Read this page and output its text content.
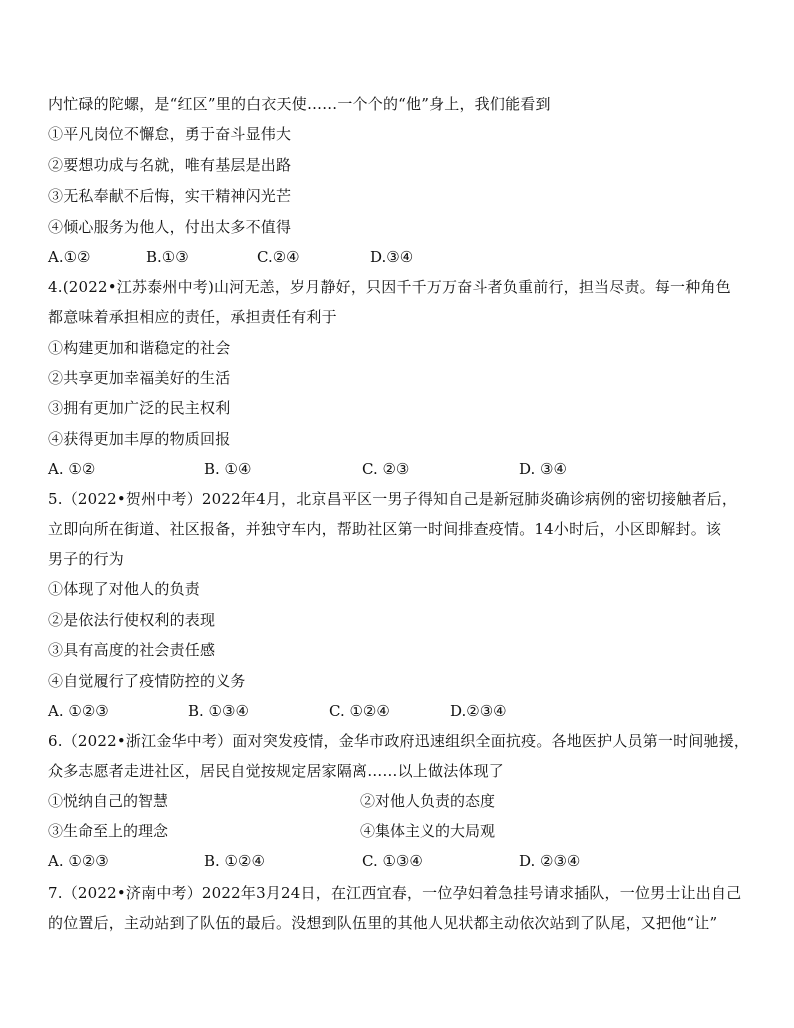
内忙碌的陀螺，是“红区”里的白衣天使……一个个的“他”身上，我们能看到
①平凡岗位不懈怠，勇于奋斗显伟大
②要想功成与名就，唯有基层是出路
③无私奉献不后悔，实干精神闪光芒
④倾心服务为他人，付出太多不值得
A.①②	B.①③	C.②④	D.③④
4.(2022•江苏泰州中考)山河无恙，岁月静好，只因千千万万奋斗者负重前行，担当尽责。每一种角色
都意味着承担相应的责任，承担责任有利于
①构建更加和谐稳定的社会
②共享更加幸福美好的生活
③拥有更加广泛的民主权利
④获得更加丰厚的物质回报
A. ①②	B. ①④	C. ②③	D. ③④
5.（2022•贺州中考）2022年4月，北京昌平区一男子得知自己是新冠肺炎确诊病例的密切接触者后，
立即向所在街道、社区报备，并独守车内，帮助社区第一时间排查疫情。14小时后，小区即解封。该
男子的行为
①体现了对他人的负责
②是依法行使权利的表现
③具有高度的社会责任感
④自觉履行了疫情防控的义务
A. ①②③	B. ①③④	C. ①②④	D.②③④
6.（2022•浙江金华中考）面对突发疫情，金华市政府迅速组织全面抗疫。各地医护人员第一时间驰援，
众多志愿者走进社区，居民自觉按规定居家隔离……以上做法体现了
①悦纳自己的智慧	②对他人负责的态度
③生命至上的理念	④集体主义的大局观
A. ①②③	B. ①②④	C. ①③④	D. ②③④
7.（2022•济南中考）2022年3月24日，在江西宜春，一位孕妇着急挂号请求插队，一位男士让出自己
的位置后，主动站到了队伍的最后。没想到队伍里的其他人见状都主动依次站到了队尾，又把他“让”
